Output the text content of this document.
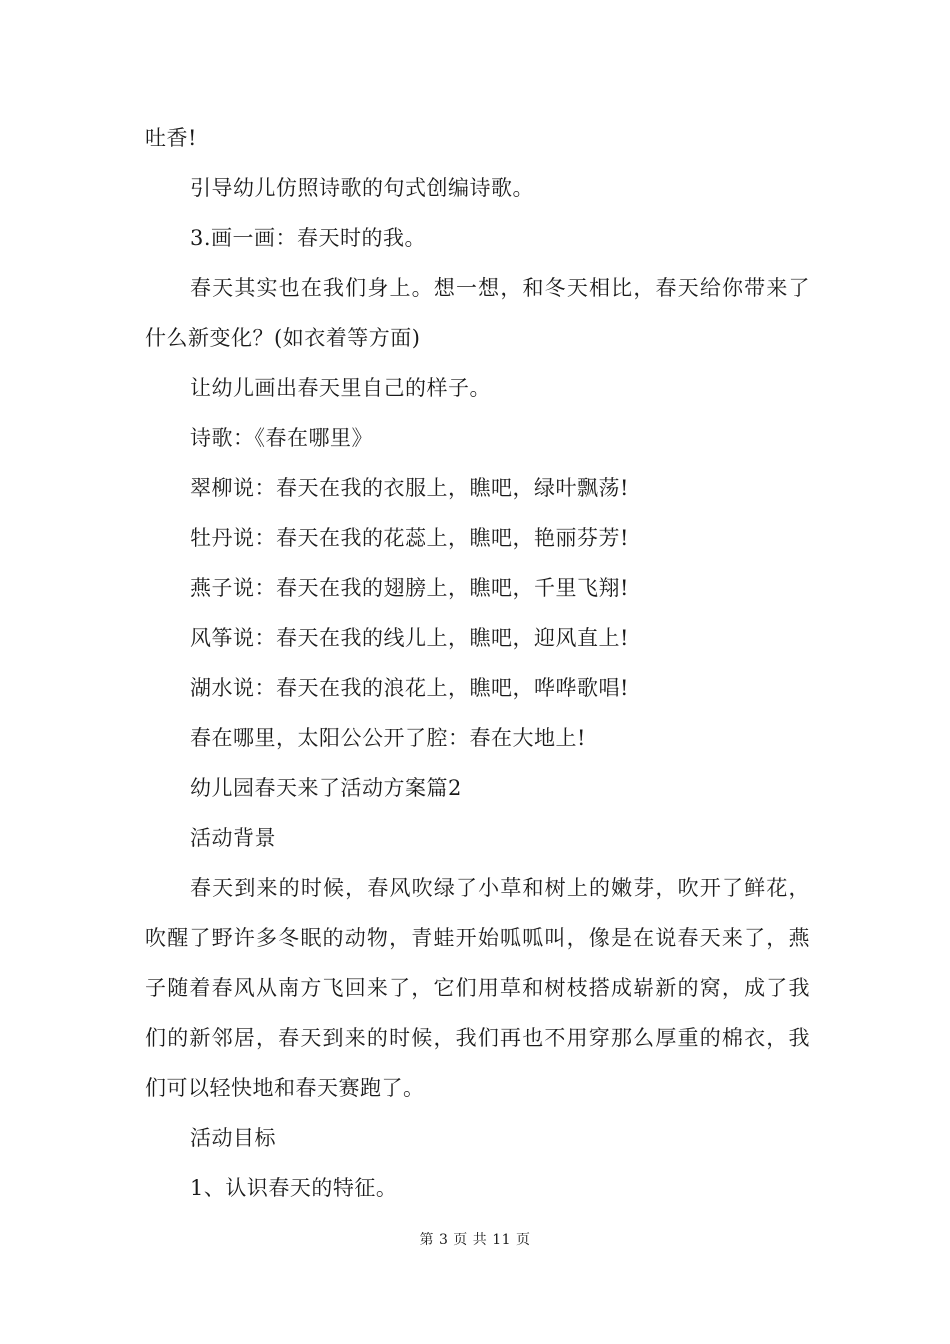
吐香!
引导幼儿仿照诗歌的句式创编诗歌。
3.画一画：春天时的我。
春天其实也在我们身上。想一想，和冬天相比，春天给你带来了
什么新变化？(如衣着等方面)
让幼儿画出春天里自己的样子。
诗歌：《春在哪里》
翠柳说：春天在我的衣服上，瞧吧，绿叶飘荡!
牡丹说：春天在我的花蕊上，瞧吧，艳丽芬芳!
燕子说：春天在我的翅膀上，瞧吧，千里飞翔!
风筝说：春天在我的线儿上，瞧吧，迎风直上!
湖水说：春天在我的浪花上，瞧吧，哗哗歌唱!
春在哪里，太阳公公开了腔：春在大地上!
幼儿园春天来了活动方案篇2
活动背景
春天到来的时候，春风吹绿了小草和树上的嫩芽，吹开了鲜花，
吹醒了野许多冬眠的动物，青蛙开始呱呱叫，像是在说春天来了，燕
子随着春风从南方飞回来了，它们用草和树枝搭成崭新的窝，成了我
们的新邻居，春天到来的时候，我们再也不用穿那么厚重的棉衣，我
们可以轻快地和春天赛跑了。
活动目标
1、认识春天的特征。
第 3 页 共 11 页
